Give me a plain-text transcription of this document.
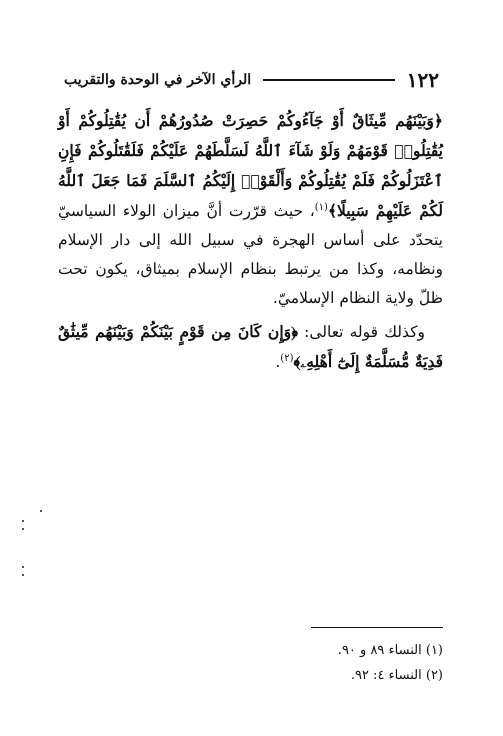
١٢٢
الرأي الآخر في الوحدة والتقريب

﴿وَبَيْنَهُم مِّيثَاقٌ أَوْ جَآءُوكُمْ حَصِرَتْ صُدُورُهُمْ أَن يُقَٰتِلُوكُمْ أَوْ يُقَٰتِلُوا۟ قَوْمَهُمْ وَلَوْ شَآءَ ٱللَّهُ لَسَلَّطَهُمْ عَلَيْكُمْ فَلَقَٰتَلُوكُمْ فَإِنِ ٱعْتَزَلُوكُمْ فَلَمْ يُقَٰتِلُوكُمْ وَأَلْقَوْا۟ إِلَيْكُمُ ٱلسَّلَمَ فَمَا جَعَلَ ٱللَّهُ لَكُمْ عَلَيْهِمْ سَبِيلًا﴾$^{(١)}$، حيث قرّرت أنَّ ميزان الولاء السياسيّ يتحدّد على أساس الهجرة في سبيل الله إلى دار الإسلام ونظامه، وكذا من يرتبط بنظام الإسلام بميثاق، يكون تحت ظلّ ولاية النظام الإسلاميّ.

وكذلك قوله تعالى: ﴿وَإِن كَانَ مِن قَوْمٍ بَيْنَكُمْ وَبَيْنَهُم مِّيثَٰقٌ فَدِيَةٌ مُّسَلَّمَةٌ إِلَىٰٓ أَهْلِهِۦ﴾$^{(٢)}$.

(١) النساء ٨٩ و ٩٠.

(٢) النساء ٤: ٩٢.
